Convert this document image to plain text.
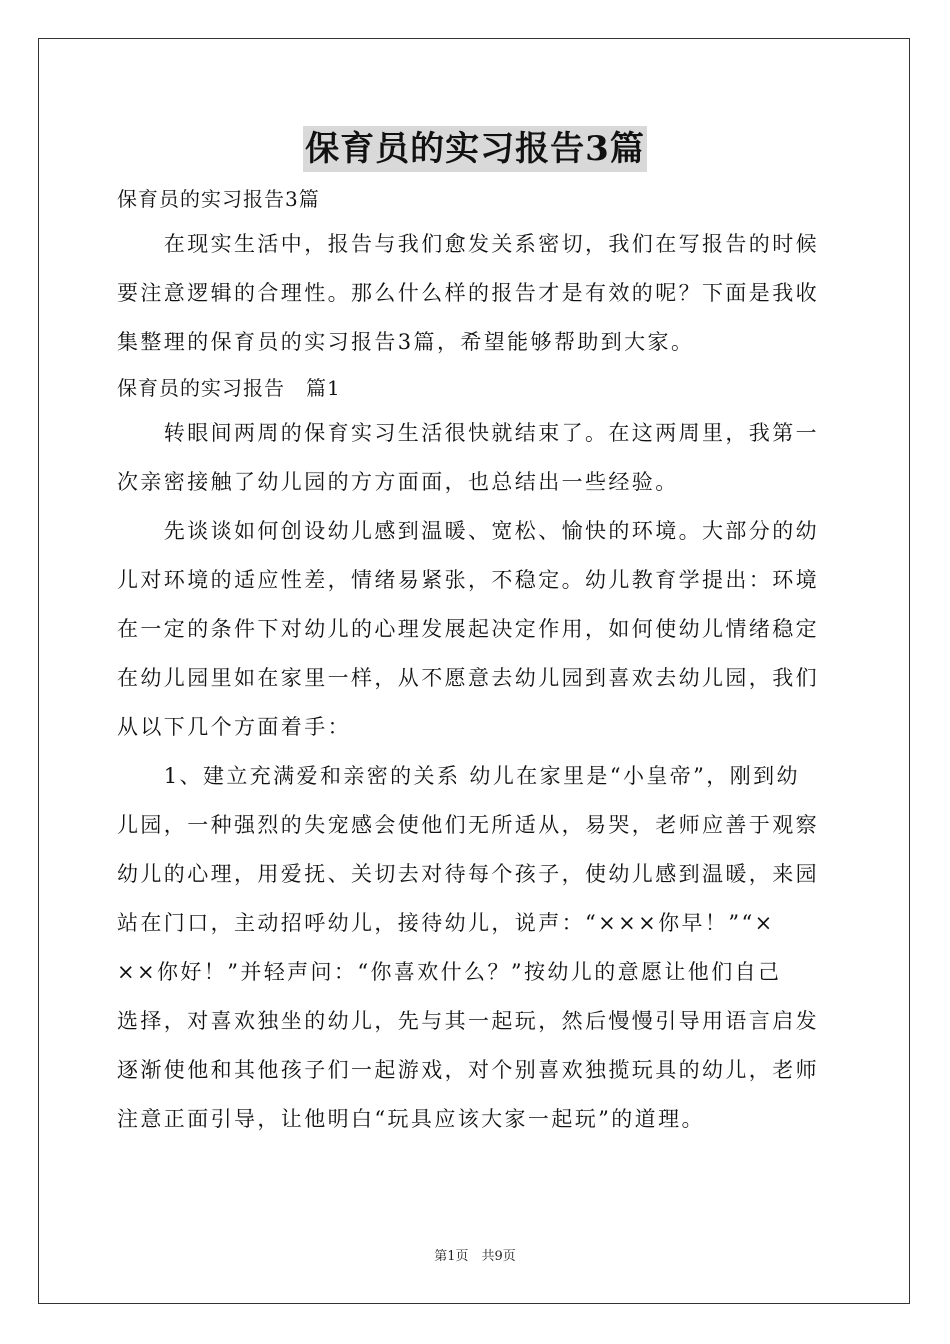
保育员的实习报告3篇
保育员的实习报告3篇
　　在现实生活中，报告与我们愈发关系密切，我们在写报告的时候
要注意逻辑的合理性。那么什么样的报告才是有效的呢？下面是我收
集整理的保育员的实习报告3篇，希望能够帮助到大家。
保育员的实习报告　篇1
　　转眼间两周的保育实习生活很快就结束了。在这两周里，我第一
次亲密接触了幼儿园的方方面面，也总结出一些经验。
　　先谈谈如何创设幼儿感到温暖、宽松、愉快的环境。大部分的幼
儿对环境的适应性差，情绪易紧张，不稳定。幼儿教育学提出：环境
在一定的条件下对幼儿的心理发展起决定作用，如何使幼儿情绪稳定
在幼儿园里如在家里一样，从不愿意去幼儿园到喜欢去幼儿园，我们
从以下几个方面着手：
　　1、建立充满爱和亲密的关系 幼儿在家里是“小皇帝”，刚到幼
儿园，一种强烈的失宠感会使他们无所适从，易哭，老师应善于观察
幼儿的心理，用爱抚、关切去对待每个孩子，使幼儿感到温暖，来园
站在门口，主动招呼幼儿，接待幼儿，说声：“×××你早！”“×
××你好！”并轻声问：“你喜欢什么？”按幼儿的意愿让他们自己
选择，对喜欢独坐的幼儿，先与其一起玩，然后慢慢引导用语言启发
逐渐使他和其他孩子们一起游戏，对个别喜欢独揽玩具的幼儿，老师
注意正面引导，让他明白“玩具应该大家一起玩”的道理。
第1页　共9页
